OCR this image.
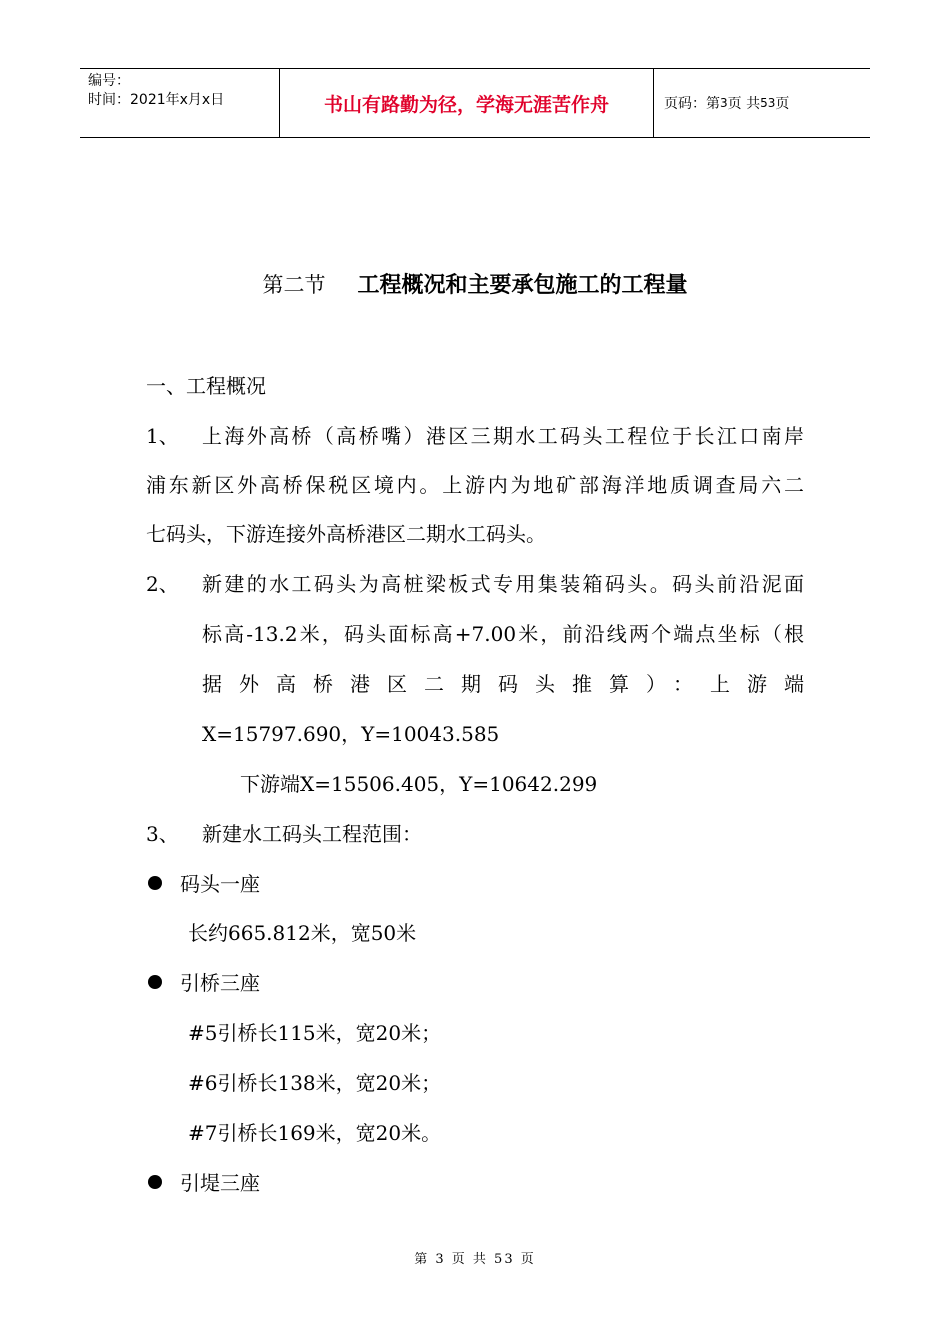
编号：
时间：2021年x月x日	书山有路勤为径，学海无涯苦作舟	页码：第 3 页 共 53 页
第二节 工程概况和主要承包施工的工程量
一、工程概况
1、 上海外高桥（高桥嘴）港区三期水工码头工程位于长江口南岸
浦东新区外高桥保税区境内。上游内为地矿部海洋地质调查局六二
七码头，下游连接外高桥港区二期水工码头。
2、 新建的水工码头为高桩梁板式专用集装箱码头。码头前沿泥面
标高-13.2米，码头面标高+7.00米，前沿线两个端点坐标（根
据外高桥港区二期码头推算）：上游端
X=15797.690，Y=10043.585
下游端X=15506.405，Y=10642.299
3、 新建水工码头工程范围：
码头一座
长约665.812米，宽50米
引桥三座
#5引桥长115米，宽20米；
#6引桥长138米，宽20米；
#7引桥长169米，宽20米。
引堤三座
第 3 页 共 53 页
